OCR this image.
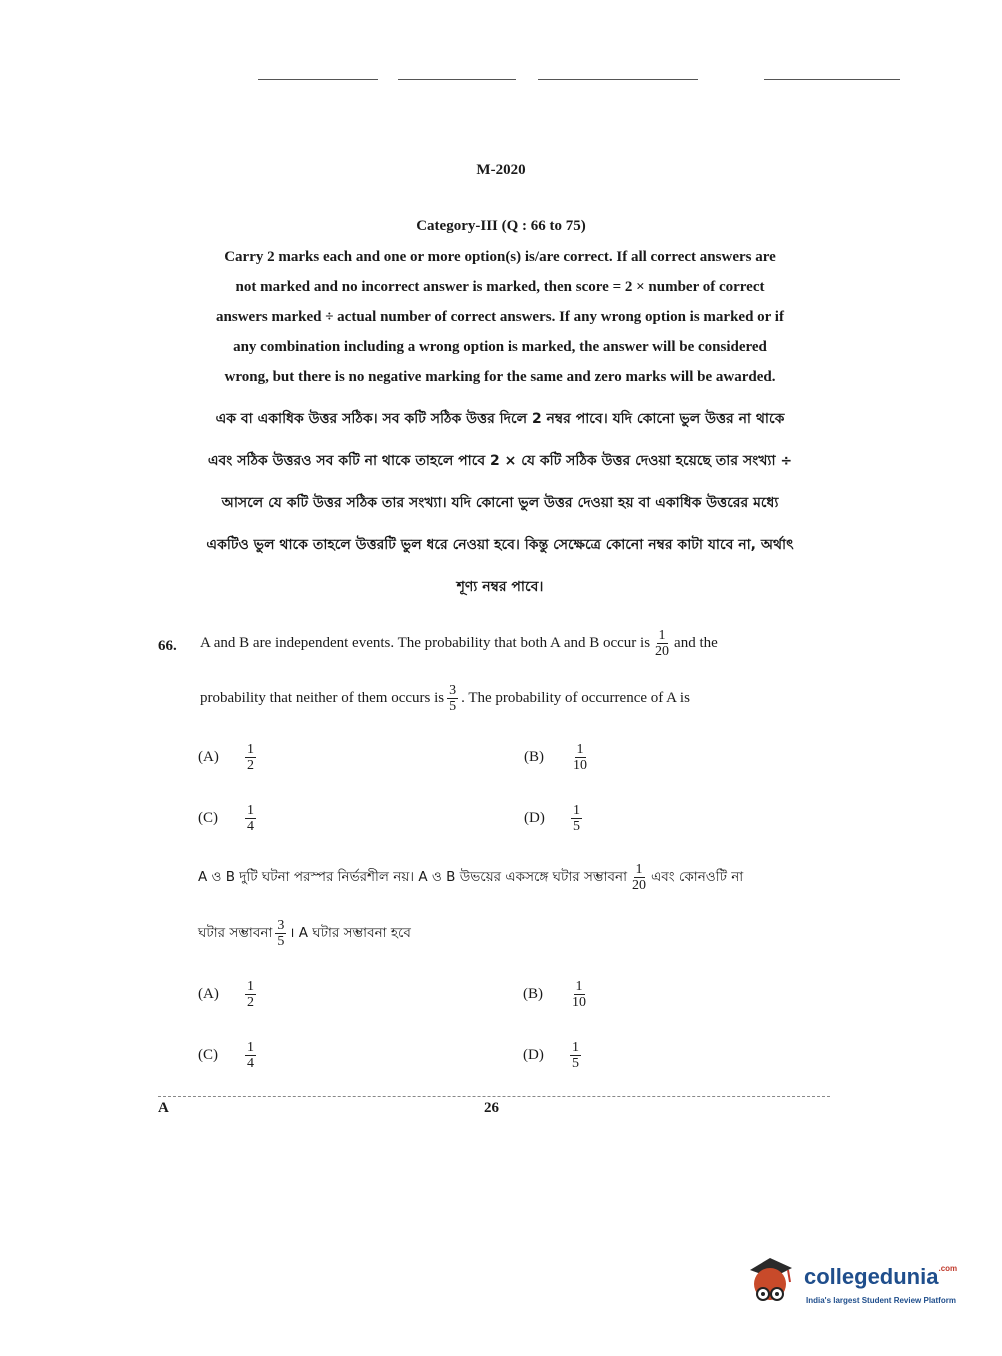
M-2020
Category-III (Q : 66 to 75)
Carry 2 marks each and one or more option(s) is/are correct. If all correct answers are
not marked and no incorrect answer is marked, then score = 2 × number of correct
answers marked ÷ actual number of correct answers. If any wrong option is marked or if
any combination including a wrong option is marked, the answer will be considered
wrong, but there is no negative marking for the same and zero marks will be awarded.
এক বা একাধিক উত্তর সঠিক। সব কটি সঠিক উত্তর দিলে 2 নম্বর পাবে। যদি কোনো ভুল উত্তর না থাকে
এবং সঠিক উত্তরও সব কটি না থাকে তাহলে পাবে 2 × যে কটি সঠিক উত্তর দেওয়া হয়েছে তার সংখ্যা ÷
আসলে যে কটি উত্তর সঠিক তার সংখ্যা। যদি কোনো ভুল উত্তর দেওয়া হয় বা একাধিক উত্তরের মধ্যে
একটিও ভুল থাকে তাহলে উত্তরটি ভুল ধরে নেওয়া হবে। কিন্তু সেক্ষেত্রে কোনো নম্বর কাটা যাবে না, অর্থাৎ
শূণ্য নম্বর পাবে।
66. A and B are independent events. The probability that both A and B occur is $\frac{1}{20}$ and the
probability that neither of them occurs is $\frac{3}{5}$ . The probability of occurrence of A is
(A)	$\frac{1}{2}$	(B)	$\frac{1}{10}$
(C)	$\frac{1}{4}$	(D)	$\frac{1}{5}$
A ও B দুটি ঘটনা পরস্পর নির্ভরশীল নয়। A ও B উভয়ের একসঙ্গে ঘটার সম্ভাবনা $\frac{1}{20}$ এবং কোনওটি না
ঘটার সম্ভাবনা $\frac{3}{5}$ । A ঘটার সম্ভাবনা হবে
(A)	$\frac{1}{2}$	(B)	$\frac{1}{10}$
(C)	$\frac{1}{4}$	(D)	$\frac{1}{5}$
A	26
collegedunia$^{.com}$
India's largest Student Review Platform
